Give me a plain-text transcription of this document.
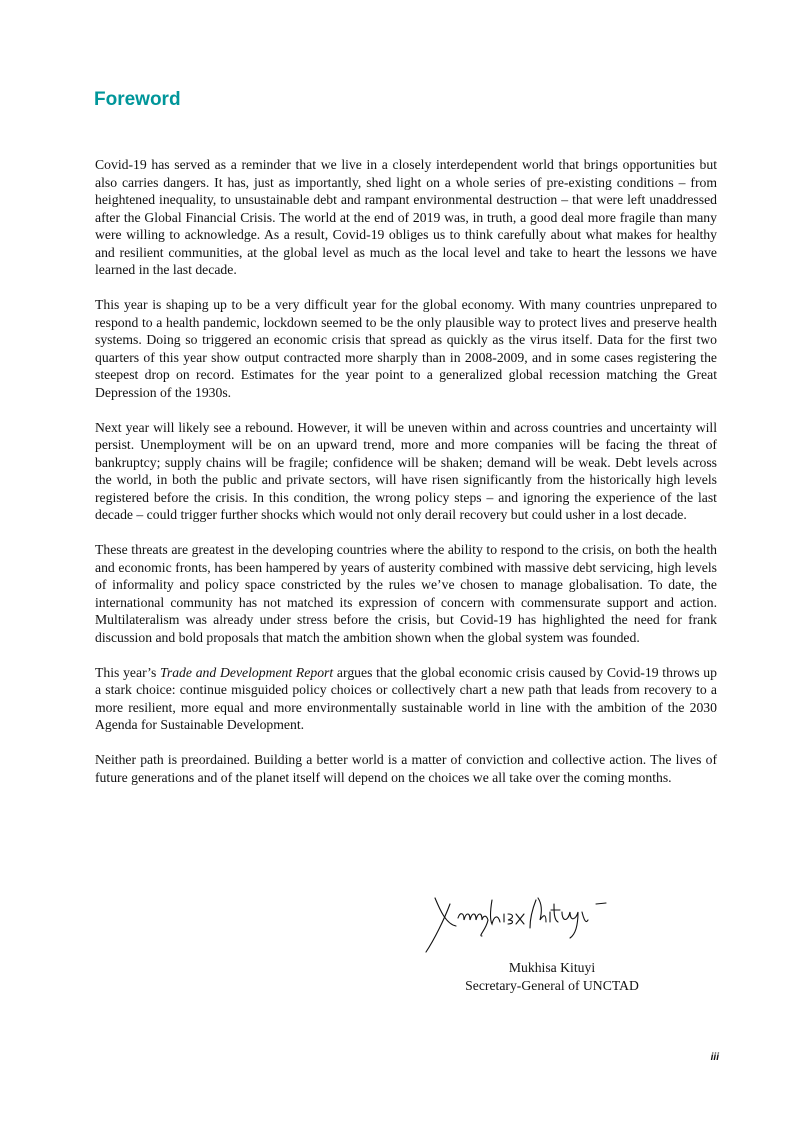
Foreword

Covid-19 has served as a reminder that we live in a closely interdependent world that brings opportunities but also carries dangers. It has, just as importantly, shed light on a whole series of pre-existing conditions – from heightened inequality, to unsustainable debt and rampant environmental destruction – that were left unaddressed after the Global Financial Crisis. The world at the end of 2019 was, in truth, a good deal more fragile than many were willing to acknowledge. As a result, Covid-19 obliges us to think carefully about what makes for healthy and resilient communities, at the global level as much as the local level and take to heart the lessons we have learned in the last decade.

This year is shaping up to be a very difficult year for the global economy. With many countries unprepared to respond to a health pandemic, lockdown seemed to be the only plausible way to protect lives and preserve health systems. Doing so triggered an economic crisis that spread as quickly as the virus itself. Data for the first two quarters of this year show output contracted more sharply than in 2008-2009, and in some cases registering the steepest drop on record. Estimates for the year point to a generalized global recession matching the Great Depression of the 1930s.

Next year will likely see a rebound. However, it will be uneven within and across countries and uncertainty will persist. Unemployment will be on an upward trend, more and more companies will be facing the threat of bankruptcy; supply chains will be fragile; confidence will be shaken; demand will be weak. Debt levels across the world, in both the public and private sectors, will have risen significantly from the historically high levels registered before the crisis. In this condition, the wrong policy steps – and ignoring the experience of the last decade – could trigger further shocks which would not only derail recovery but could usher in a lost decade.

These threats are greatest in the developing countries where the ability to respond to the crisis, on both the health and economic fronts, has been hampered by years of austerity combined with massive debt servicing, high levels of informality and policy space constricted by the rules we’ve chosen to manage globalisation. To date, the international community has not matched its expression of concern with commensurate support and action. Multilateralism was already under stress before the crisis, but Covid-19 has highlighted the need for frank discussion and bold proposals that match the ambition shown when the global system was founded.

This year’s Trade and Development Report argues that the global economic crisis caused by Covid-19 throws up a stark choice: continue misguided policy choices or collectively chart a new path that leads from recovery to a more resilient, more equal and more environmentally sustainable world in line with the ambition of the 2030 Agenda for Sustainable Development.

Neither path is preordained. Building a better world is a matter of conviction and collective action. The lives of future generations and of the planet itself will depend on the choices we all take over the coming months.

Mukhisa Kituyi
Secretary-General of UNCTAD
iii
